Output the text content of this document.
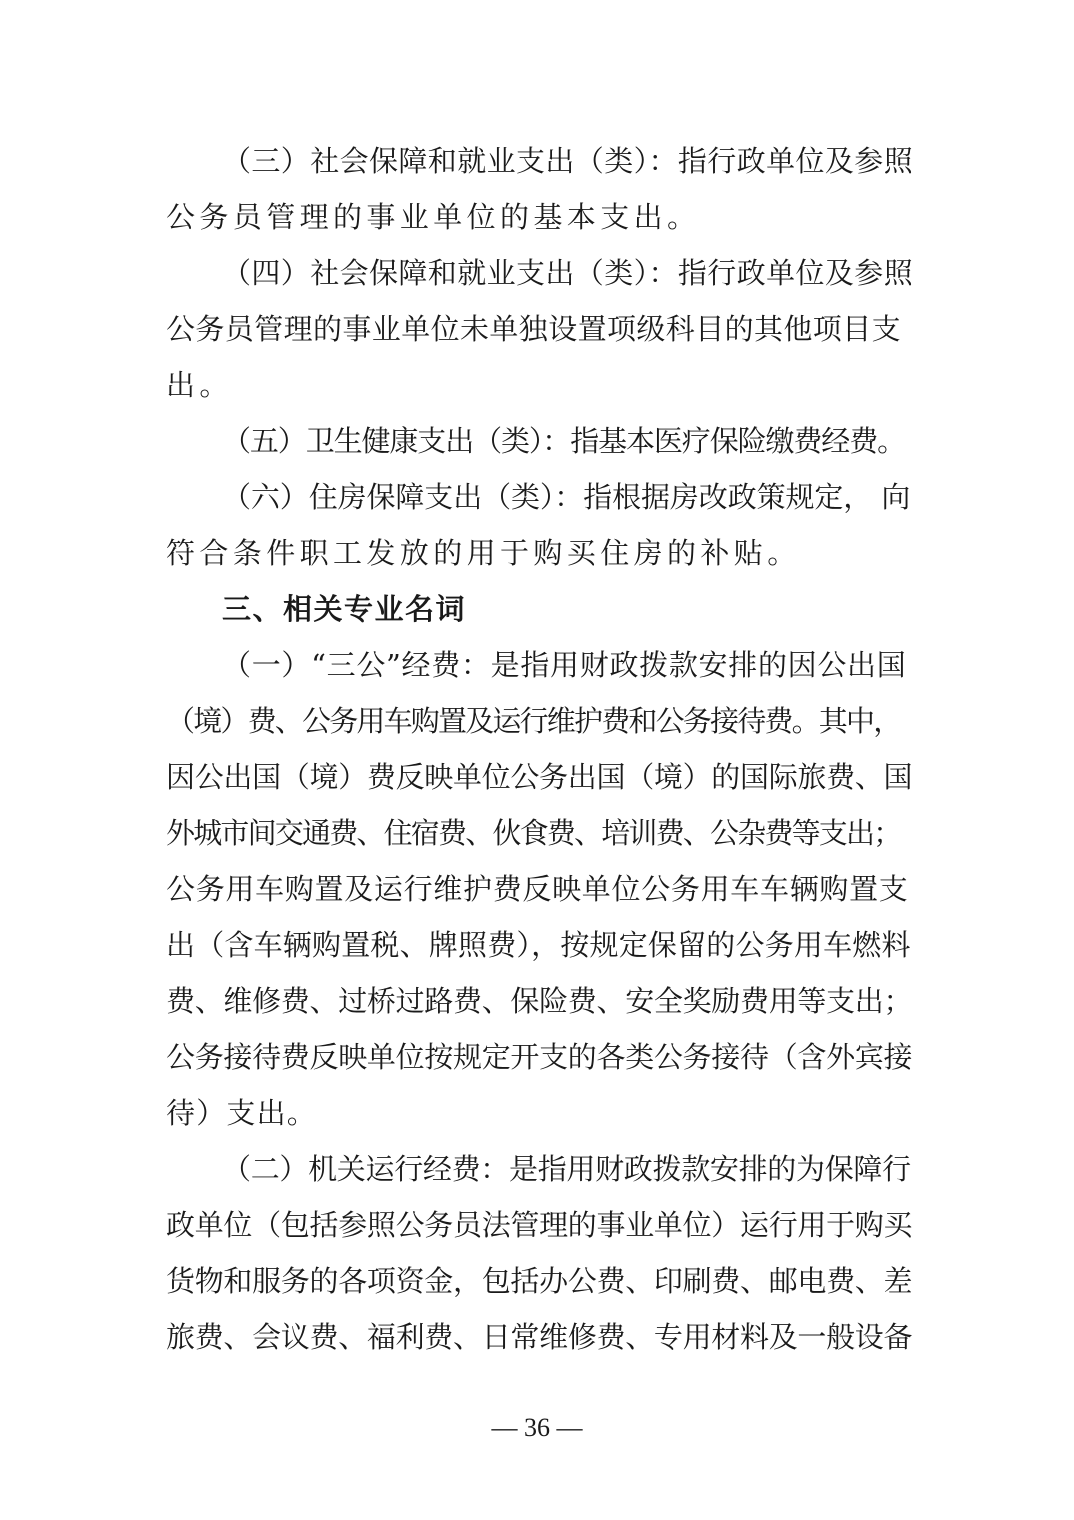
（三）社会保障和就业支出（类）：指行政单位及参照
公务员管理的事业单位的基本支出。
（四）社会保障和就业支出（类）：指行政单位及参照
公务员管理的事业单位未单独设置项级科目的其他项目支
出。
（五）卫生健康支出（类）：指基本医疗保险缴费经费。
（六）住房保障支出（类）：指根据房改政策规定， 向
符合条件职工发放的用于购买住房的补贴。
三、相关专业名词
（一）“三公”经费：是指用财政拨款安排的因公出国
（境）费、公务用车购置及运行维护费和公务接待费。其中，
因公出国（境）费反映单位公务出国（境）的国际旅费、国
外城市间交通费、住宿费、伙食费、培训费、公杂费等支出；
公务用车购置及运行维护费反映单位公务用车车辆购置支
出（含车辆购置税、牌照费），按规定保留的公务用车燃料
费、维修费、过桥过路费、保险费、安全奖励费用等支出；
公务接待费反映单位按规定开支的各类公务接待（含外宾接
待）支出。
（二）机关运行经费：是指用财政拨款安排的为保障行
政单位（包括参照公务员法管理的事业单位）运行用于购买
货物和服务的各项资金，包括办公费、印刷费、邮电费、差
旅费、会议费、福利费、日常维修费、专用材料及一般设备
— 36 —
